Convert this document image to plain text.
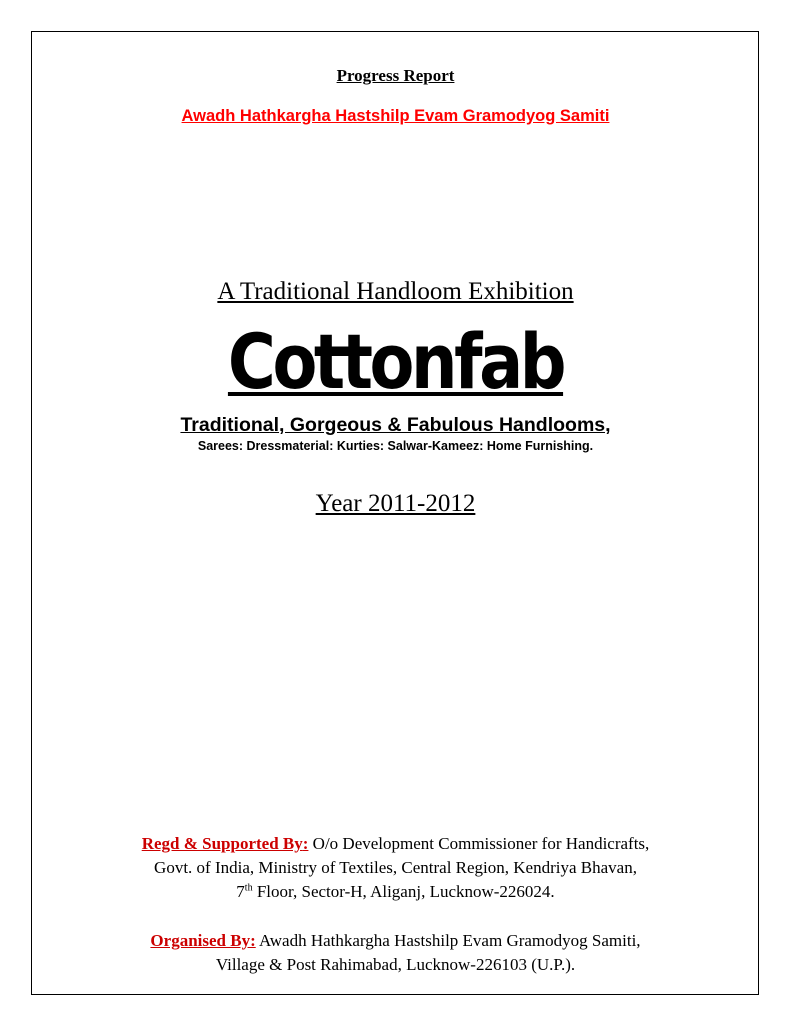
Progress Report
Awadh Hathkargha Hastshilp Evam Gramodyog Samiti
A Traditional Handloom Exhibition
Cottonfab
Traditional, Gorgeous & Fabulous Handlooms,
Sarees: Dressmaterial: Kurties: Salwar-Kameez: Home Furnishing.
Year 2011-2012
Regd & Supported By: O/o Development Commissioner for Handicrafts,
Govt. of India, Ministry of Textiles, Central Region, Kendriya Bhavan,
7th Floor, Sector-H, Aliganj, Lucknow-226024.
Organised By: Awadh Hathkargha Hastshilp Evam Gramodyog Samiti,
Village & Post Rahimabad, Lucknow-226103 (U.P.).
